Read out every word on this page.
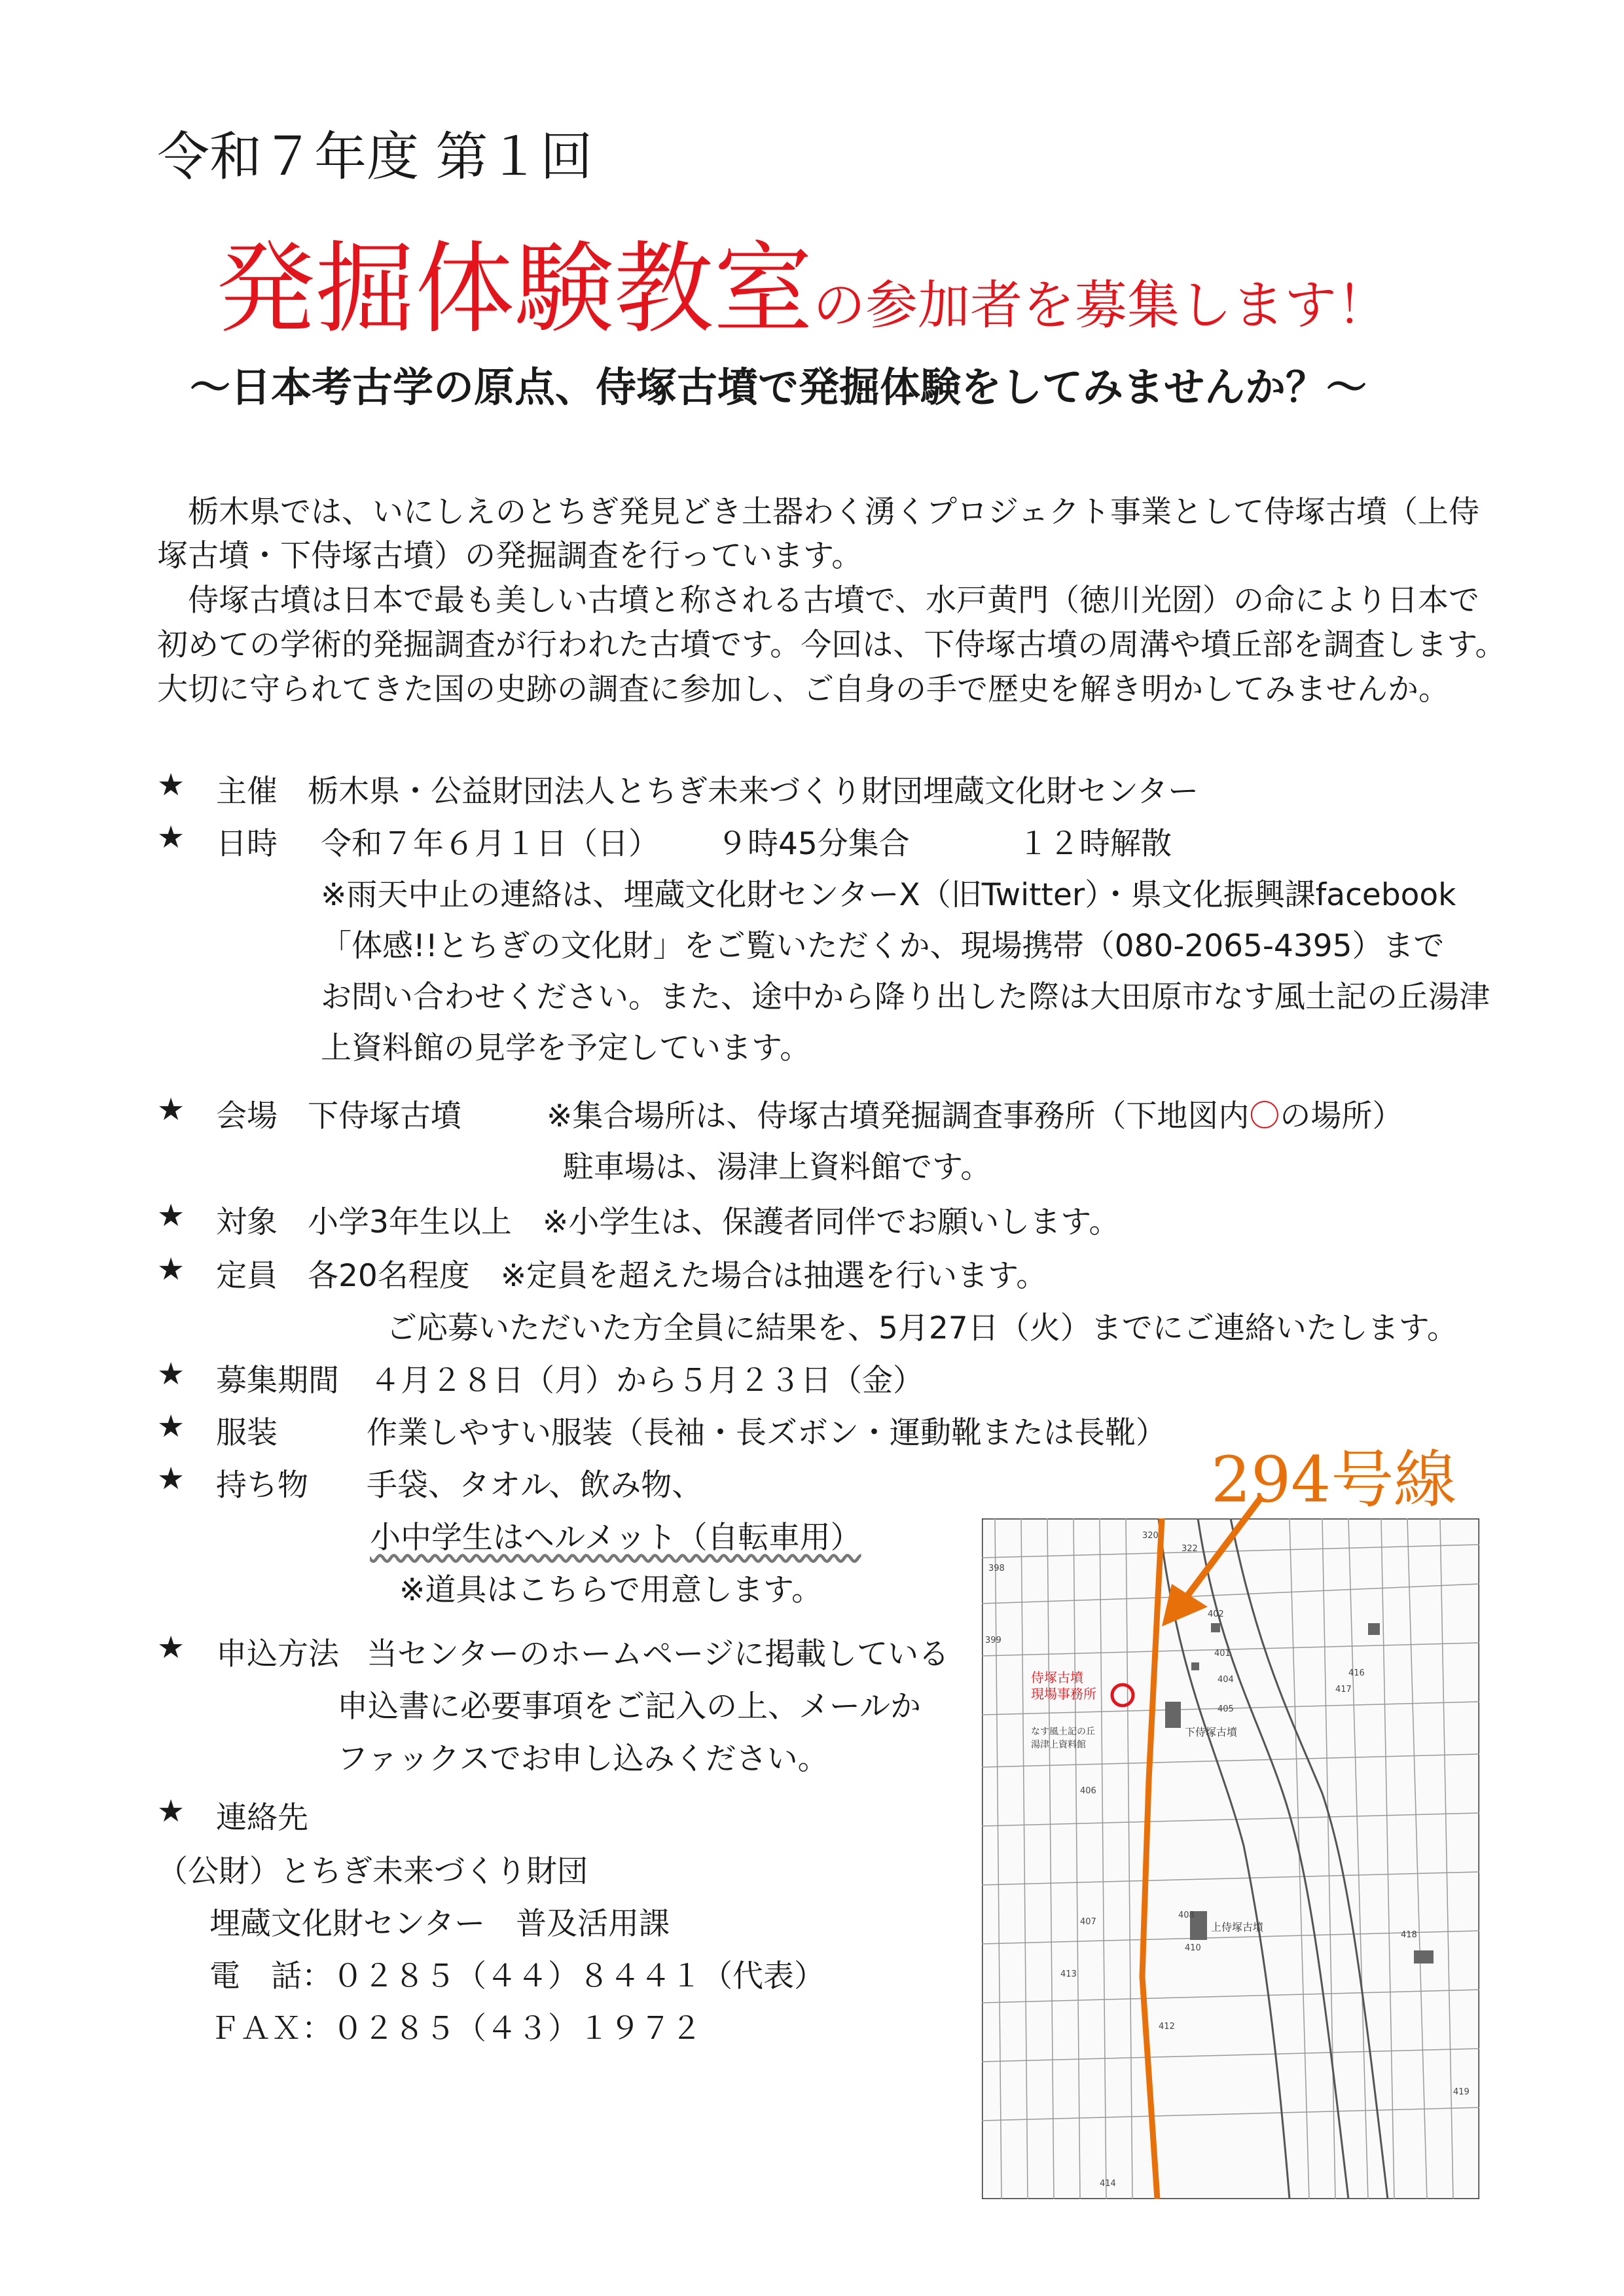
令和７年度 第１回
発掘体験教室の参加者を募集します！
～日本考古学の原点、侍塚古墳で発掘体験をしてみませんか？～
　栃木県では、いにしえのとちぎ発見どき土器わく湧くプロジェクト事業として侍塚古墳（上侍
塚古墳・下侍塚古墳）の発掘調査を行っています。
　侍塚古墳は日本で最も美しい古墳と称される古墳で、水戸黄門（徳川光圀）の命により日本で
初めての学術的発掘調査が行われた古墳です。今回は、下侍塚古墳の周溝や墳丘部を調査します。
大切に守られてきた国の史跡の調査に参加し、ご自身の手で歴史を解き明かしてみませんか。
★ 主催 栃木県・公益財団法人とちぎ未来づくり財団埋蔵文化財センター
★ 日時 令和７年６月１日（日） ９時45分集合	１２時解散
※雨天中止の連絡は、埋蔵文化財センターX（旧Twitter）・県文化振興課facebook
「体感!!とちぎの文化財」をご覧いただくか、現場携帯（080-2065-4395）まで
お問い合わせください。また、途中から降り出した際は大田原市なす風土記の丘湯津
上資料館の見学を予定しています。
★ 会場 下侍塚古墳	※集合場所は、侍塚古墳発掘調査事務所（下地図内〇の場所）
駐車場は、湯津上資料館です。
★ 対象 小学3年生以上　※小学生は、保護者同伴でお願いします。
★ 定員 各20名程度　※定員を超えた場合は抽選を行います。
ご応募いただいた方全員に結果を、5月27日（火）までにご連絡いたします。
★ 募集期間 ４月２８日（月）から５月２３日（金）
★ 服装	作業しやすい服装（長袖・長ズボン・運動靴または長靴）
★ 持ち物 手袋、タオル、飲み物、
小中学生はヘルメット（自転車用）
※道具はこちらで用意します。
★ 申込方法 当センターのホームページに掲載している
申込書に必要事項をご記入の上、メールか
ファックスでお申し込みください。
★ 連絡先
（公財）とちぎ未来づくり財団
埋蔵文化財センター　普及活用課
電　話：０２８５（４４）８４４１（代表）
ＦＡＸ：０２８５（４３）１９７２
294号線
320
322
402
401
404
405
406
407
408
410
412
413
414
416
417
418
419
399
398
侍塚古墳
現場事務所
下侍塚古墳
上侍塚古墳
なす風土記の丘
湯津上資料館
